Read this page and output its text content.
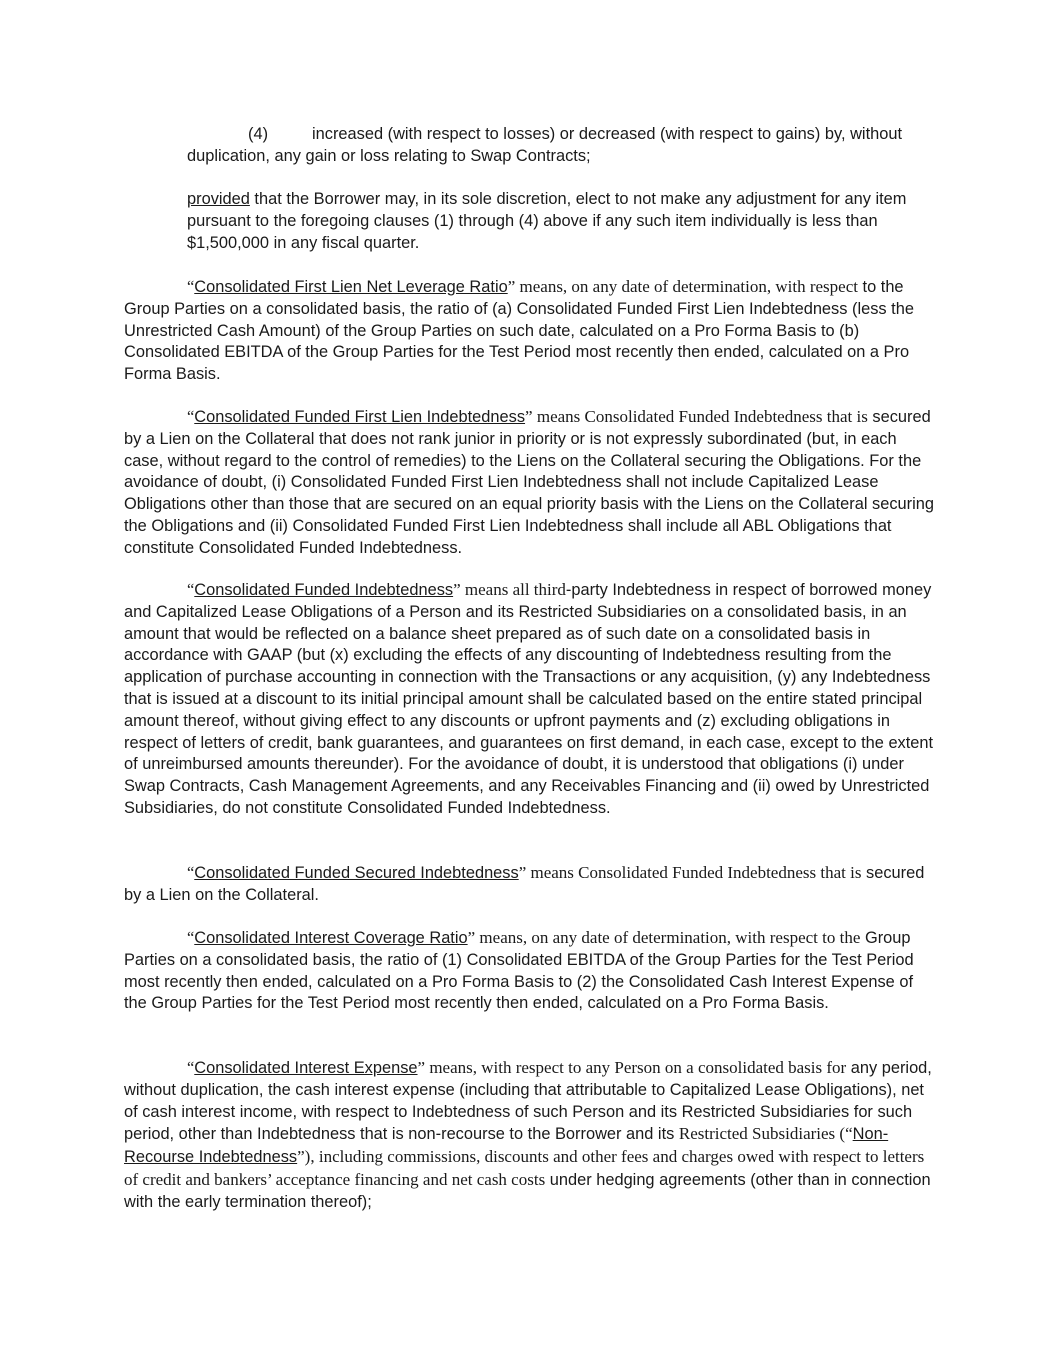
(4)	increased (with respect to losses) or decreased (with respect to gains) by, without duplication, any gain or loss relating to Swap Contracts;

provided that the Borrower may, in its sole discretion, elect to not make any adjustment for any item pursuant to the foregoing clauses (1) through (4) above if any such item individually is less than $1,500,000 in any fiscal quarter.

“Consolidated First Lien Net Leverage Ratio” means, on any date of determination, with respect to the Group Parties on a consolidated basis, the ratio of (a) Consolidated Funded First Lien Indebtedness (less the Unrestricted Cash Amount) of the Group Parties on such date, calculated on a Pro Forma Basis to (b) Consolidated EBITDA of the Group Parties for the Test Period most recently then ended, calculated on a Pro Forma Basis.

“Consolidated Funded First Lien Indebtedness” means Consolidated Funded Indebtedness that is secured by a Lien on the Collateral that does not rank junior in priority or is not expressly subordinated (but, in each case, without regard to the control of remedies) to the Liens on the Collateral securing the Obligations. For the avoidance of doubt, (i) Consolidated Funded First Lien Indebtedness shall not include Capitalized Lease Obligations other than those that are secured on an equal priority basis with the Liens on the Collateral securing the Obligations and (ii) Consolidated Funded First Lien Indebtedness shall include all ABL Obligations that constitute Consolidated Funded Indebtedness.

“Consolidated Funded Indebtedness” means all third-party Indebtedness in respect of borrowed money and Capitalized Lease Obligations of a Person and its Restricted Subsidiaries on a consolidated basis, in an amount that would be reflected on a balance sheet prepared as of such date on a consolidated basis in accordance with GAAP (but (x) excluding the effects of any discounting of Indebtedness resulting from the application of purchase accounting in connection with the Transactions or any acquisition, (y) any Indebtedness that is issued at a discount to its initial principal amount shall be calculated based on the entire stated principal amount thereof, without giving effect to any discounts or upfront payments and (z) excluding obligations in respect of letters of credit, bank guarantees, and guarantees on first demand, in each case, except to the extent of unreimbursed amounts thereunder). For the avoidance of doubt, it is understood that obligations (i) under Swap Contracts, Cash Management Agreements, and any Receivables Financing and (ii) owed by Unrestricted Subsidiaries, do not constitute Consolidated Funded Indebtedness.

“Consolidated Funded Secured Indebtedness” means Consolidated Funded Indebtedness that is secured by a Lien on the Collateral.

“Consolidated Interest Coverage Ratio” means, on any date of determination, with respect to the Group Parties on a consolidated basis, the ratio of (1) Consolidated EBITDA of the Group Parties for the Test Period most recently then ended, calculated on a Pro Forma Basis to (2) the Consolidated Cash Interest Expense of the Group Parties for the Test Period most recently then ended, calculated on a Pro Forma Basis.

“Consolidated Interest Expense” means, with respect to any Person on a consolidated basis for any period, without duplication, the cash interest expense (including that attributable to Capitalized Lease Obligations), net of cash interest income, with respect to Indebtedness of such Person and its Restricted Subsidiaries for such period, other than Indebtedness that is non-recourse to the Borrower and its Restricted Subsidiaries (“Non-Recourse Indebtedness”), including commissions, discounts and other fees and charges owed with respect to letters of credit and bankers’ acceptance financing and net cash costs under hedging agreements (other than in connection with the early termination thereof);
